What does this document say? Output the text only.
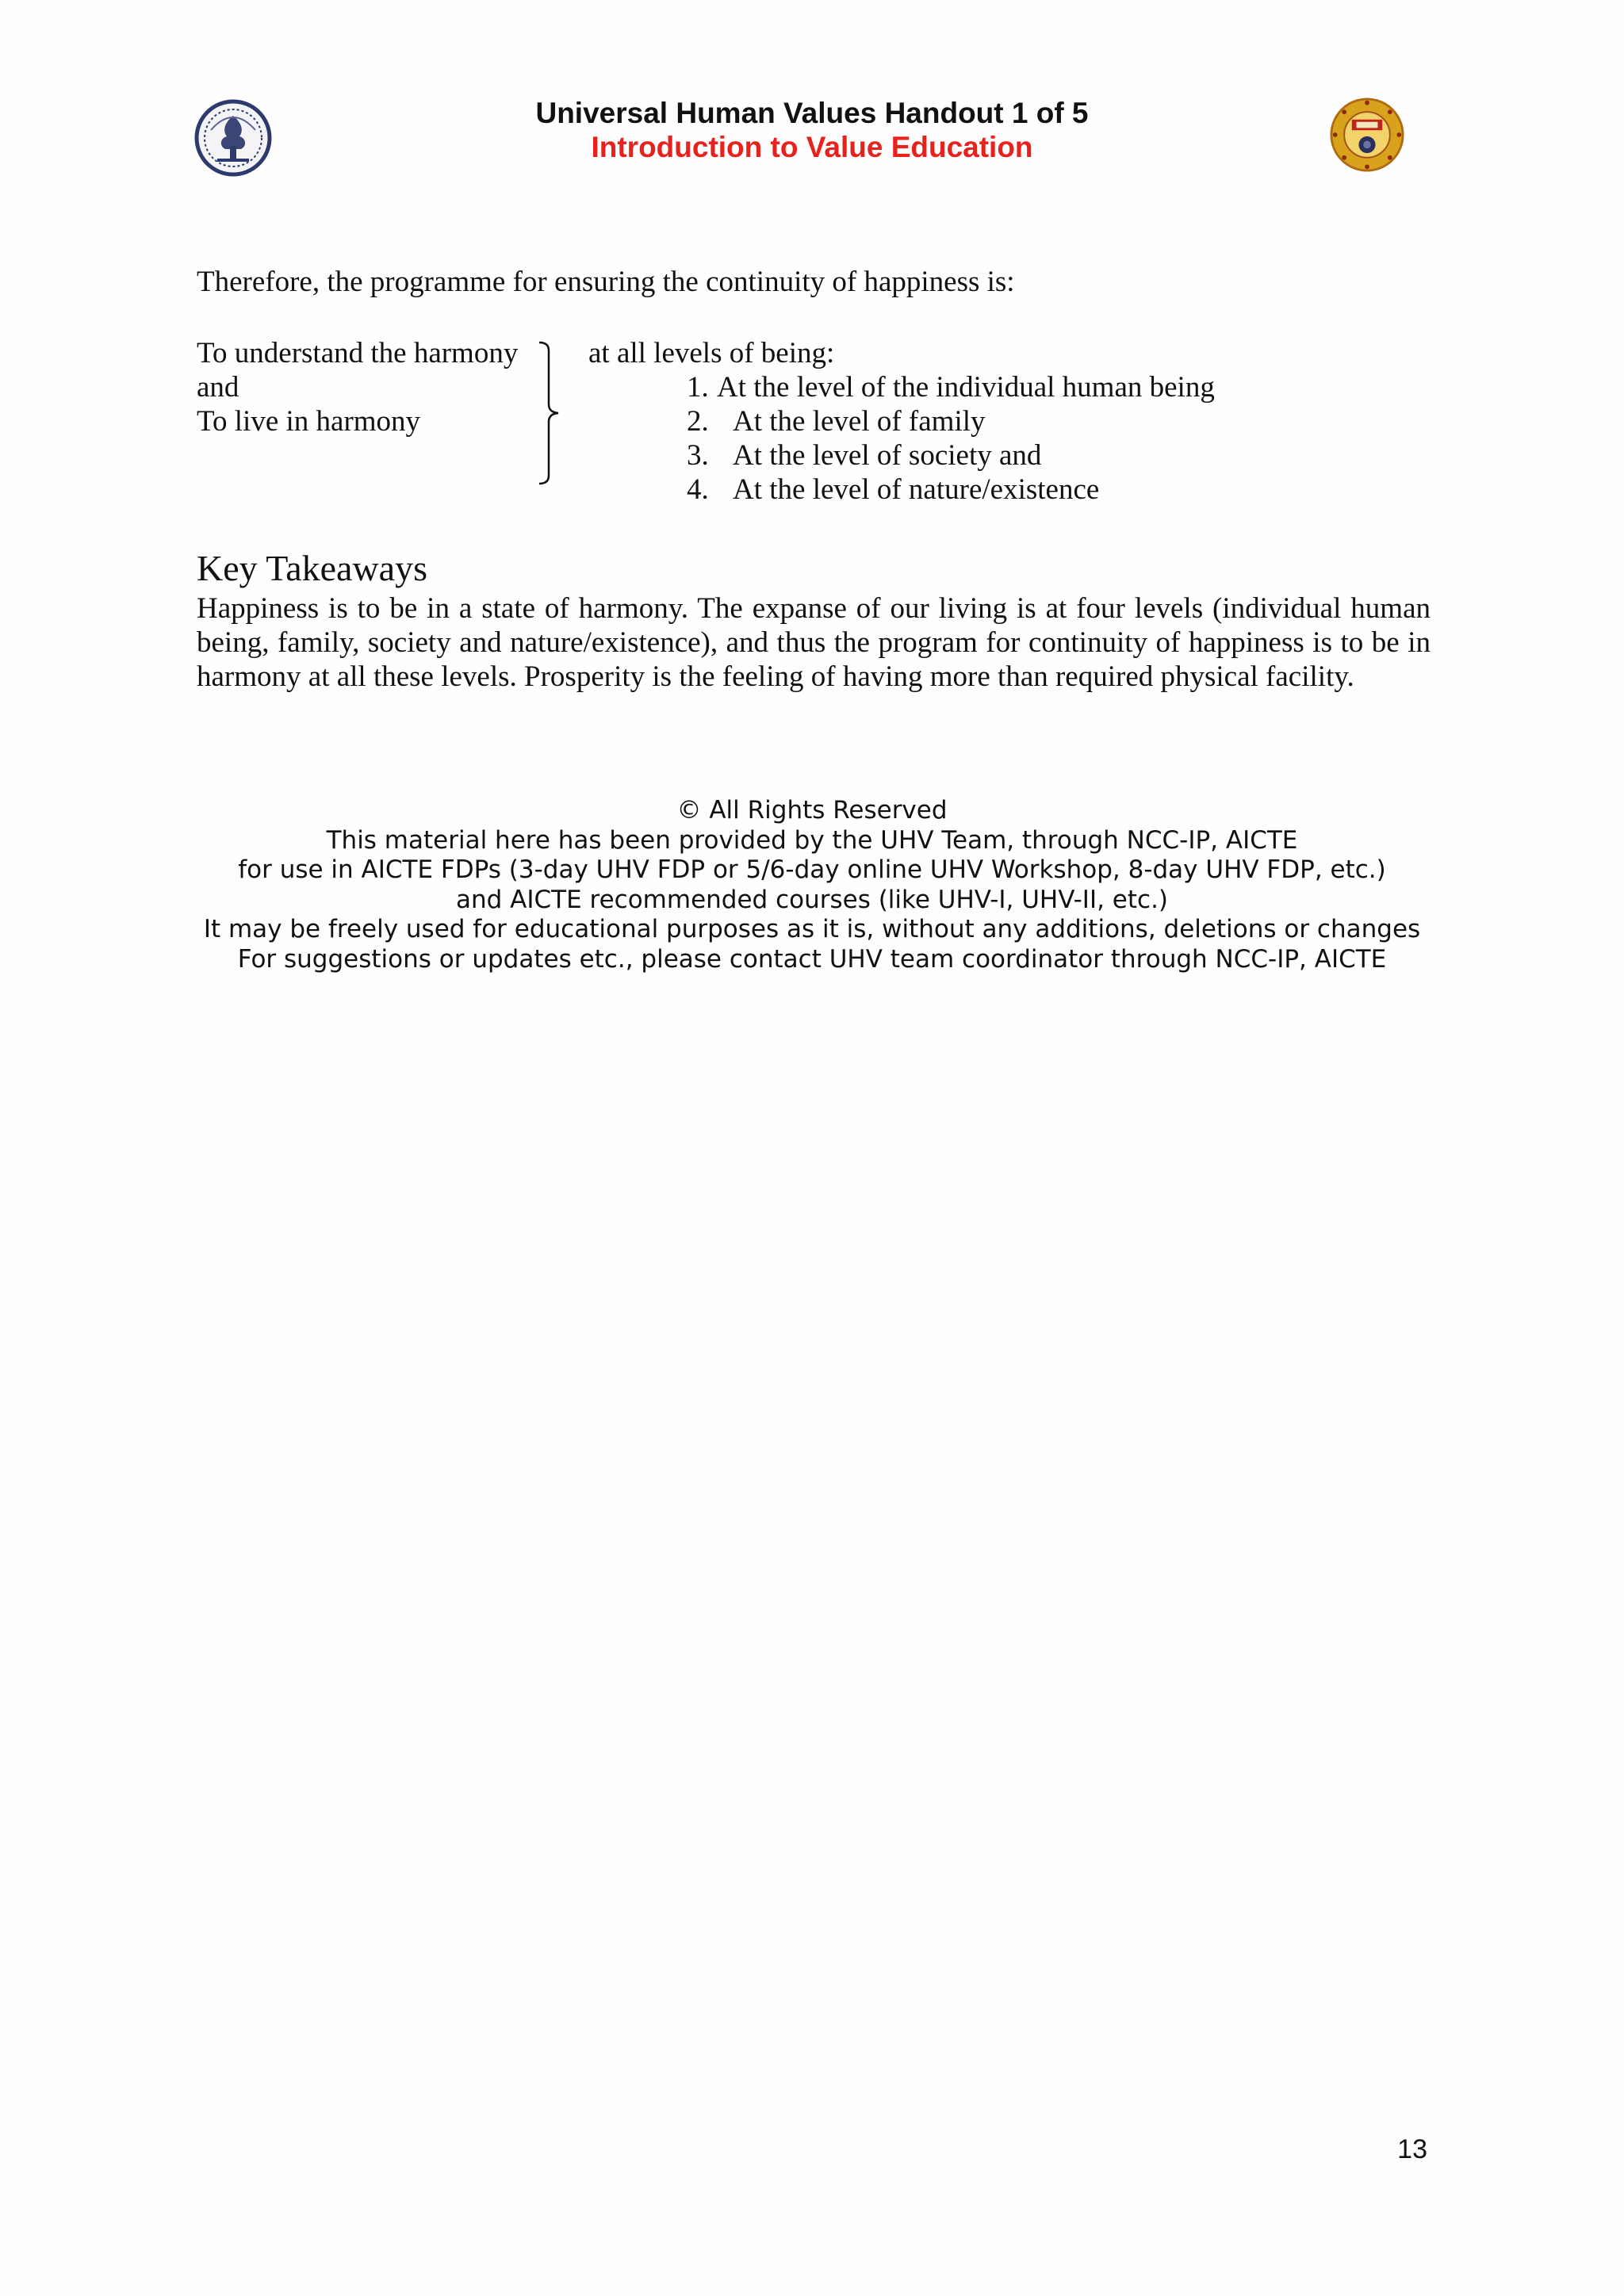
Universal Human Values Handout 1 of 5
Introduction to Value Education
Therefore, the programme for ensuring the continuity of happiness is:
To understand the harmony
and
To live in harmony
at all levels of being:
1. At the level of the individual human being
2. At the level of family
3. At the level of society and
4. At the level of nature/existence
Key Takeaways
Happiness is to be in a state of harmony. The expanse of our living is at four levels (individual human being, family, society and nature/existence), and thus the program for continuity of happiness is to be in harmony at all these levels. Prosperity is the feeling of having more than required physical facility.
© All Rights Reserved
This material here has been provided by the UHV Team, through NCC-IP, AICTE
for use in AICTE FDPs (3-day UHV FDP or 5/6-day online UHV Workshop, 8-day UHV FDP, etc.)
and AICTE recommended courses (like UHV-I, UHV-II, etc.)
It may be freely used for educational purposes as it is, without any additions, deletions or changes
For suggestions or updates etc., please contact UHV team coordinator through NCC-IP, AICTE
13
